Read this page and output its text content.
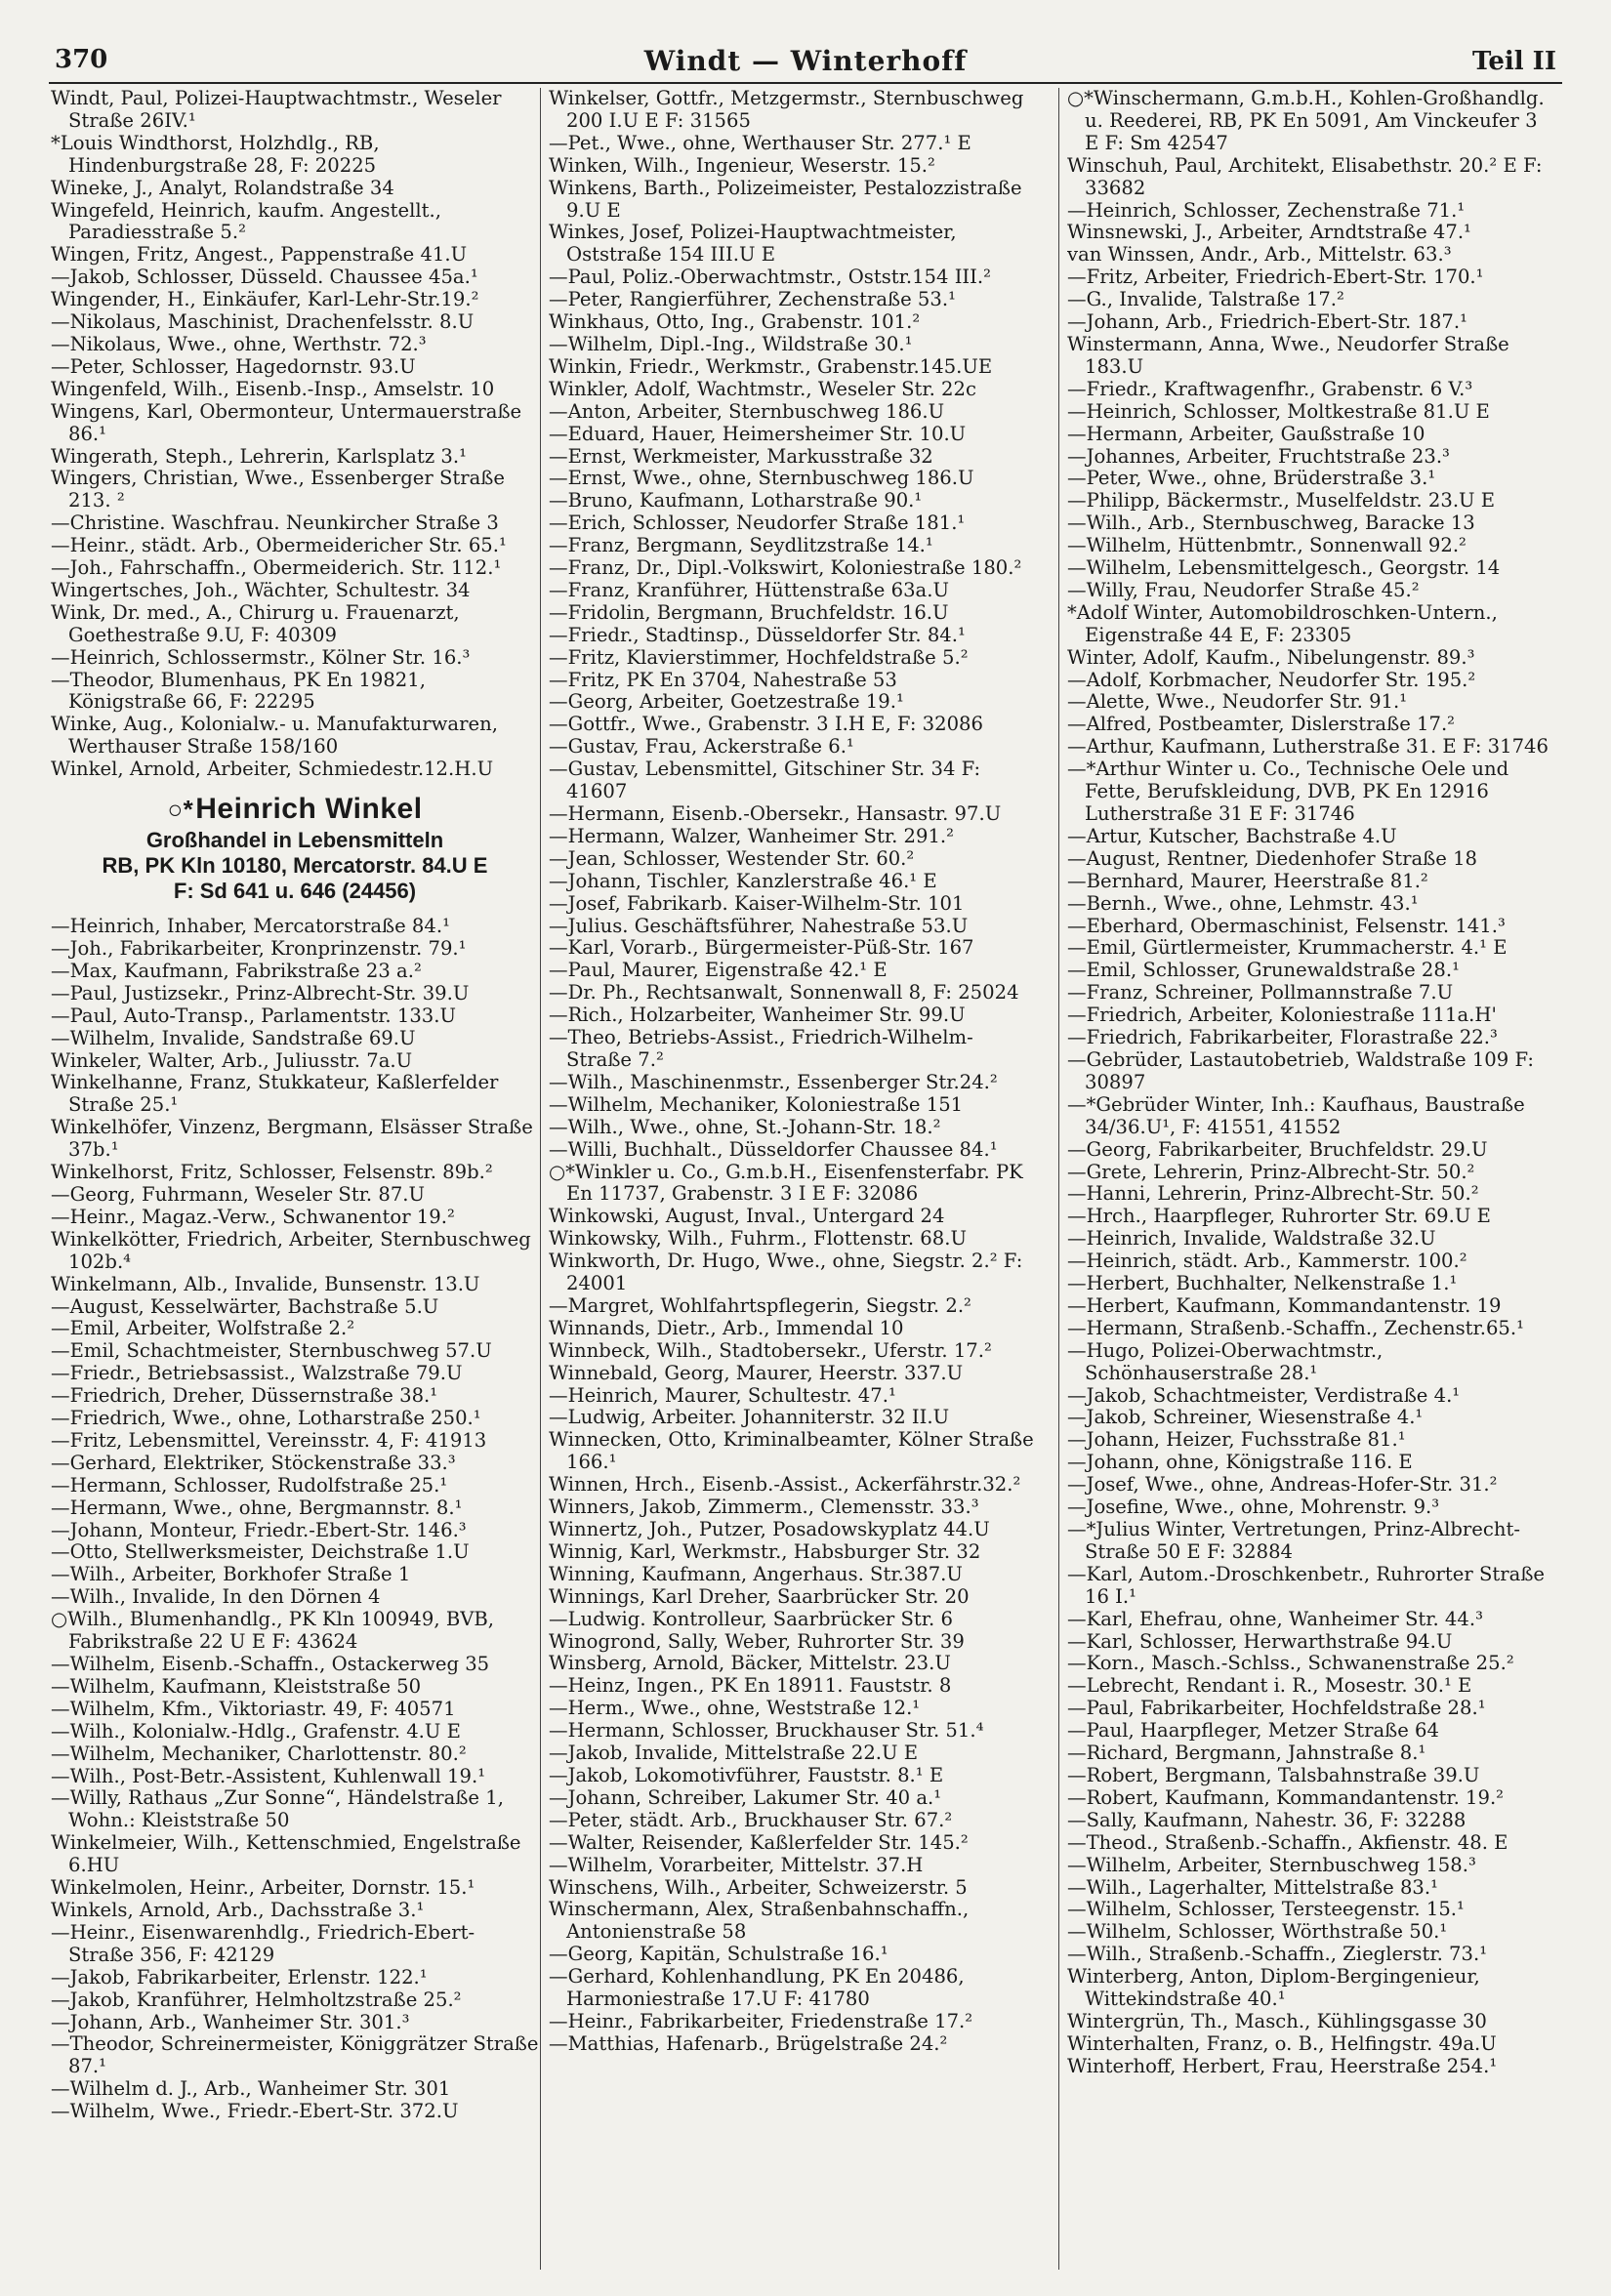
370	Windt — Winterhoff	Teil II
Windt, Paul, Polizei-Hauptwachtmstr., Weseler Straße 26IV.¹
*Louis Windthorst, Holzhdlg., RB, Hindenburgstraße 28, F: 20225
Wineke, J., Analyt, Rolandstraße 34
Wingefeld, Heinrich, kaufm. Angestellt., Paradiesstraße 5.²
Wingen, Fritz, Angest., Pappenstraße 41.U
—Jakob, Schlosser, Düsseld. Chaussee 45a.¹
Wingender, H., Einkäufer, Karl-Lehr-Str.19.²
—Nikolaus, Maschinist, Drachenfelsstr. 8.U
—Nikolaus, Wwe., ohne, Werthstr. 72.³
—Peter, Schlosser, Hagedornstr. 93.U
Wingenfeld, Wilh., Eisenb.-Insp., Amselstr. 10
Wingens, Karl, Obermonteur, Untermauerstraße 86.¹
Wingerath, Steph., Lehrerin, Karlsplatz 3.¹
Wingers, Christian, Wwe., Essenberger Straße 213. ²
—Christine. Waschfrau. Neunkircher Straße 3
—Heinr., städt. Arb., Obermeidericher Str. 65.¹
—Joh., Fahrschaffn., Obermeiderich. Str. 112.¹
Wingertsches, Joh., Wächter, Schultestr. 34
Wink, Dr. med., A., Chirurg u. Frauenarzt, Goethestraße 9.U, F: 40309
—Heinrich, Schlossermstr., Kölner Str. 16.³
—Theodor, Blumenhaus, PK En 19821, Königstraße 66, F: 22295
Winke, Aug., Kolonialw.- u. Manufakturwaren, Werthauser Straße 158/160
Winkel, Arnold, Arbeiter, Schmiedestr.12.H.U
○*Heinrich Winkel
Großhandel in Lebensmitteln
RB, PK Kln 10180, Mercatorstr. 84.U E
F: Sd 641 u. 646 (24456)
—Heinrich, Inhaber, Mercatorstraße 84.¹
—Joh., Fabrikarbeiter, Kronprinzenstr. 79.¹
—Max, Kaufmann, Fabrikstraße 23 a.²
—Paul, Justizsekr., Prinz-Albrecht-Str. 39.U
—Paul, Auto-Transp., Parlamentstr. 133.U
—Wilhelm, Invalide, Sandstraße 69.U
Winkeler, Walter, Arb., Juliusstr. 7a.U
Winkelhanne, Franz, Stukkateur, Kaßlerfelder Straße 25.¹
Winkelhöfer, Vinzenz, Bergmann, Elsässer Straße 37b.¹
Winkelhorst, Fritz, Schlosser, Felsenstr. 89b.²
—Georg, Fuhrmann, Weseler Str. 87.U
—Heinr., Magaz.-Verw., Schwanentor 19.²
Winkelkötter, Friedrich, Arbeiter, Sternbuschweg 102b.⁴
Winkelmann, Alb., Invalide, Bunsenstr. 13.U
—August, Kesselwärter, Bachstraße 5.U
—Emil, Arbeiter, Wolfstraße 2.²
—Emil, Schachtmeister, Sternbuschweg 57.U
—Friedr., Betriebsassist., Walzstraße 79.U
—Friedrich, Dreher, Düssernstraße 38.¹
—Friedrich, Wwe., ohne, Lotharstraße 250.¹
—Fritz, Lebensmittel, Vereinsstr. 4, F: 41913
—Gerhard, Elektriker, Stöckenstraße 33.³
—Hermann, Schlosser, Rudolfstraße 25.¹
—Hermann, Wwe., ohne, Bergmannstr. 8.¹
—Johann, Monteur, Friedr.-Ebert-Str. 146.³
—Otto, Stellwerksmeister, Deichstraße 1.U
—Wilh., Arbeiter, Borkhofer Straße 1
—Wilh., Invalide, In den Dörnen 4
○Wilh., Blumenhandlg., PK Kln 100949, BVB, Fabrikstraße 22 U E F: 43624
—Wilhelm, Eisenb.-Schaffn., Ostackerweg 35
—Wilhelm, Kaufmann, Kleiststraße 50
—Wilhelm, Kfm., Viktoriastr. 49, F: 40571
—Wilh., Kolonialw.-Hdlg., Grafenstr. 4.U E
—Wilhelm, Mechaniker, Charlottenstr. 80.²
—Wilh., Post-Betr.-Assistent, Kuhlenwall 19.¹
—Willy, Rathaus „Zur Sonne“, Händelstraße 1, Wohn.: Kleiststraße 50
Winkelmeier, Wilh., Kettenschmied, Engelstraße 6.HU
Winkelmolen, Heinr., Arbeiter, Dornstr. 15.¹
Winkels, Arnold, Arb., Dachsstraße 3.¹
—Heinr., Eisenwarenhdlg., Friedrich-Ebert-Straße 356, F: 42129
—Jakob, Fabrikarbeiter, Erlenstr. 122.¹
—Jakob, Kranführer, Helmholtzstraße 25.²
—Johann, Arb., Wanheimer Str. 301.³
—Theodor, Schreinermeister, Königgrätzer Straße 87.¹
—Wilhelm d. J., Arb., Wanheimer Str. 301
—Wilhelm, Wwe., Friedr.-Ebert-Str. 372.U
Winkelser, Gottfr., Metzgermstr., Sternbuschweg 200 I.U E F: 31565
—Pet., Wwe., ohne, Werthauser Str. 277.¹ E
Winken, Wilh., Ingenieur, Weserstr. 15.²
Winkens, Barth., Polizeimeister, Pestalozzistraße 9.U E
Winkes, Josef, Polizei-Hauptwachtmeister, Oststraße 154 III.U E
—Paul, Poliz.-Oberwachtmstr., Oststr.154 III.²
—Peter, Rangierführer, Zechenstraße 53.¹
Winkhaus, Otto, Ing., Grabenstr. 101.²
—Wilhelm, Dipl.-Ing., Wildstraße 30.¹
Winkin, Friedr., Werkmstr., Grabenstr.145.UE
Winkler, Adolf, Wachtmstr., Weseler Str. 22c
—Anton, Arbeiter, Sternbuschweg 186.U
—Eduard, Hauer, Heimersheimer Str. 10.U
—Ernst, Werkmeister, Markusstraße 32
—Ernst, Wwe., ohne, Sternbuschweg 186.U
—Bruno, Kaufmann, Lotharstraße 90.¹
—Erich, Schlosser, Neudorfer Straße 181.¹
—Franz, Bergmann, Seydlitzstraße 14.¹
—Franz, Dr., Dipl.-Volkswirt, Koloniestraße 180.²
—Franz, Kranführer, Hüttenstraße 63a.U
—Fridolin, Bergmann, Bruchfeldstr. 16.U
—Friedr., Stadtinsp., Düsseldorfer Str. 84.¹
—Fritz, Klavierstimmer, Hochfeldstraße 5.²
—Fritz, PK En 3704, Nahestraße 53
—Georg, Arbeiter, Goetzestraße 19.¹
—Gottfr., Wwe., Grabenstr. 3 I.H E, F: 32086
—Gustav, Frau, Ackerstraße 6.¹
—Gustav, Lebensmittel, Gitschiner Str. 34 F: 41607
—Hermann, Eisenb.-Obersekr., Hansastr. 97.U
—Hermann, Walzer, Wanheimer Str. 291.²
—Jean, Schlosser, Westender Str. 60.²
—Johann, Tischler, Kanzlerstraße 46.¹ E
—Josef, Fabrikarb. Kaiser-Wilhelm-Str. 101
—Julius. Geschäftsführer, Nahestraße 53.U
—Karl, Vorarb., Bürgermeister-Püß-Str. 167
—Paul, Maurer, Eigenstraße 42.¹ E
—Dr. Ph., Rechtsanwalt, Sonnenwall 8, F: 25024
—Rich., Holzarbeiter, Wanheimer Str. 99.U
—Theo, Betriebs-Assist., Friedrich-Wilhelm-Straße 7.²
—Wilh., Maschinenmstr., Essenberger Str.24.²
—Wilhelm, Mechaniker, Koloniestraße 151
—Wilh., Wwe., ohne, St.-Johann-Str. 18.²
—Willi, Buchhalt., Düsseldorfer Chaussee 84.¹
○*Winkler u. Co., G.m.b.H., Eisenfensterfabr. PK En 11737, Grabenstr. 3 I E F: 32086
Winkowski, August, Inval., Untergard 24
Winkowsky, Wilh., Fuhrm., Flottenstr. 68.U
Winkworth, Dr. Hugo, Wwe., ohne, Siegstr. 2.² F: 24001
—Margret, Wohlfahrtspflegerin, Siegstr. 2.²
Winnands, Dietr., Arb., Immendal 10
Winnbeck, Wilh., Stadtobersekr., Uferstr. 17.²
Winnebald, Georg, Maurer, Heerstr. 337.U
—Heinrich, Maurer, Schultestr. 47.¹
—Ludwig, Arbeiter. Johanniterstr. 32 II.U
Winnecken, Otto, Kriminalbeamter, Kölner Straße 166.¹
Winnen, Hrch., Eisenb.-Assist., Ackerfährstr.32.²
Winners, Jakob, Zimmerm., Clemensstr. 33.³
Winnertz, Joh., Putzer, Posadowskyplatz 44.U
Winnig, Karl, Werkmstr., Habsburger Str. 32
Winning, Kaufmann, Angerhaus. Str.387.U
Winnings, Karl Dreher, Saarbrücker Str. 20
—Ludwig. Kontrolleur, Saarbrücker Str. 6
Winogrond, Sally, Weber, Ruhrorter Str. 39
Winsberg, Arnold, Bäcker, Mittelstr. 23.U
—Heinz, Ingen., PK En 18911. Fauststr. 8
—Herm., Wwe., ohne, Weststraße 12.¹
—Hermann, Schlosser, Bruckhauser Str. 51.⁴
—Jakob, Invalide, Mittelstraße 22.U E
—Jakob, Lokomotivführer, Fauststr. 8.¹ E
—Johann, Schreiber, Lakumer Str. 40 a.¹
—Peter, städt. Arb., Bruckhauser Str. 67.²
—Walter, Reisender, Kaßlerfelder Str. 145.²
—Wilhelm, Vorarbeiter, Mittelstr. 37.H
Winschens, Wilh., Arbeiter, Schweizerstr. 5
Winschermann, Alex, Straßenbahnschaffn., Antonienstraße 58
—Georg, Kapitän, Schulstraße 16.¹
—Gerhard, Kohlenhandlung, PK En 20486, Harmoniestraße 17.U F: 41780
—Heinr., Fabrikarbeiter, Friedenstraße 17.²
—Matthias, Hafenarb., Brügelstraße 24.²
○*Winschermann, G.m.b.H., Kohlen-Großhandlg. u. Reederei, RB, PK En 5091, Am Vinckeufer 3 E F: Sm 42547
Winschuh, Paul, Architekt, Elisabethstr. 20.² E F: 33682
—Heinrich, Schlosser, Zechenstraße 71.¹
Winsnewski, J., Arbeiter, Arndtstraße 47.¹
van Winssen, Andr., Arb., Mittelstr. 63.³
—Fritz, Arbeiter, Friedrich-Ebert-Str. 170.¹
—G., Invalide, Talstraße 17.²
—Johann, Arb., Friedrich-Ebert-Str. 187.¹
Winstermann, Anna, Wwe., Neudorfer Straße 183.U
—Friedr., Kraftwagenfhr., Grabenstr. 6 V.³
—Heinrich, Schlosser, Moltkestraße 81.U E
—Hermann, Arbeiter, Gaußstraße 10
—Johannes, Arbeiter, Fruchtstraße 23.³
—Peter, Wwe., ohne, Brüderstraße 3.¹
—Philipp, Bäckermstr., Muselfeldstr. 23.U E
—Wilh., Arb., Sternbuschweg, Baracke 13
—Wilhelm, Hüttenbmtr., Sonnenwall 92.²
—Wilhelm, Lebensmittelgesch., Georgstr. 14
—Willy, Frau, Neudorfer Straße 45.²
*Adolf Winter, Automobildroschken-Untern., Eigenstraße 44 E, F: 23305
Winter, Adolf, Kaufm., Nibelungenstr. 89.³
—Adolf, Korbmacher, Neudorfer Str. 195.²
—Alette, Wwe., Neudorfer Str. 91.¹
—Alfred, Postbeamter, Dislerstraße 17.²
—Arthur, Kaufmann, Lutherstraße 31. E F: 31746
—*Arthur Winter u. Co., Technische Oele und Fette, Berufskleidung, DVB, PK En 12916 Lutherstraße 31 E F: 31746
—Artur, Kutscher, Bachstraße 4.U
—August, Rentner, Diedenhofer Straße 18
—Bernhard, Maurer, Heerstraße 81.²
—Bernh., Wwe., ohne, Lehmstr. 43.¹
—Eberhard, Obermaschinist, Felsenstr. 141.³
—Emil, Gürtlermeister, Krummacherstr. 4.¹ E
—Emil, Schlosser, Grunewaldstraße 28.¹
—Franz, Schreiner, Pollmannstraße 7.U
—Friedrich, Arbeiter, Koloniestraße 111a.H'
—Friedrich, Fabrikarbeiter, Florastraße 22.³
—Gebrüder, Lastautobetrieb, Waldstraße 109 F: 30897
—*Gebrüder Winter, Inh.: Kaufhaus, Baustraße 34/36.U¹, F: 41551, 41552
—Georg, Fabrikarbeiter, Bruchfeldstr. 29.U
—Grete, Lehrerin, Prinz-Albrecht-Str. 50.²
—Hanni, Lehrerin, Prinz-Albrecht-Str. 50.²
—Hrch., Haarpfleger, Ruhrorter Str. 69.U E
—Heinrich, Invalide, Waldstraße 32.U
—Heinrich, städt. Arb., Kammerstr. 100.²
—Herbert, Buchhalter, Nelkenstraße 1.¹
—Herbert, Kaufmann, Kommandantenstr. 19
—Hermann, Straßenb.-Schaffn., Zechenstr.65.¹
—Hugo, Polizei-Oberwachtmstr., Schönhauserstraße 28.¹
—Jakob, Schachtmeister, Verdistraße 4.¹
—Jakob, Schreiner, Wiesenstraße 4.¹
—Johann, Heizer, Fuchsstraße 81.¹
—Johann, ohne, Königstraße 116. E
—Josef, Wwe., ohne, Andreas-Hofer-Str. 31.²
—Josefine, Wwe., ohne, Mohrenstr. 9.³
—*Julius Winter, Vertretungen, Prinz-Albrecht-Straße 50 E F: 32884
—Karl, Autom.-Droschkenbetr., Ruhrorter Straße 16 I.¹
—Karl, Ehefrau, ohne, Wanheimer Str. 44.³
—Karl, Schlosser, Herwarthstraße 94.U
—Korn., Masch.-Schlss., Schwanenstraße 25.²
—Lebrecht, Rendant i. R., Mosestr. 30.¹ E
—Paul, Fabrikarbeiter, Hochfeldstraße 28.¹
—Paul, Haarpfleger, Metzer Straße 64
—Richard, Bergmann, Jahnstraße 8.¹
—Robert, Bergmann, Talsbahnstraße 39.U
—Robert, Kaufmann, Kommandantenstr. 19.²
—Sally, Kaufmann, Nahestr. 36, F: 32288
—Theod., Straßenb.-Schaffn., Akfienstr. 48. E
—Wilhelm, Arbeiter, Sternbuschweg 158.³
—Wilh., Lagerhalter, Mittelstraße 83.¹
—Wilhelm, Schlosser, Tersteegenstr. 15.¹
—Wilhelm, Schlosser, Wörthstraße 50.¹
—Wilh., Straßenb.-Schaffn., Zieglerstr. 73.¹
Winterberg, Anton, Diplom-Bergingenieur, Wittekindstraße 40.¹
Wintergrün, Th., Masch., Kühlingsgasse 30
Winterhalten, Franz, o. B., Helfingstr. 49a.U
Winterhoff, Herbert, Frau, Heerstraße 254.¹
